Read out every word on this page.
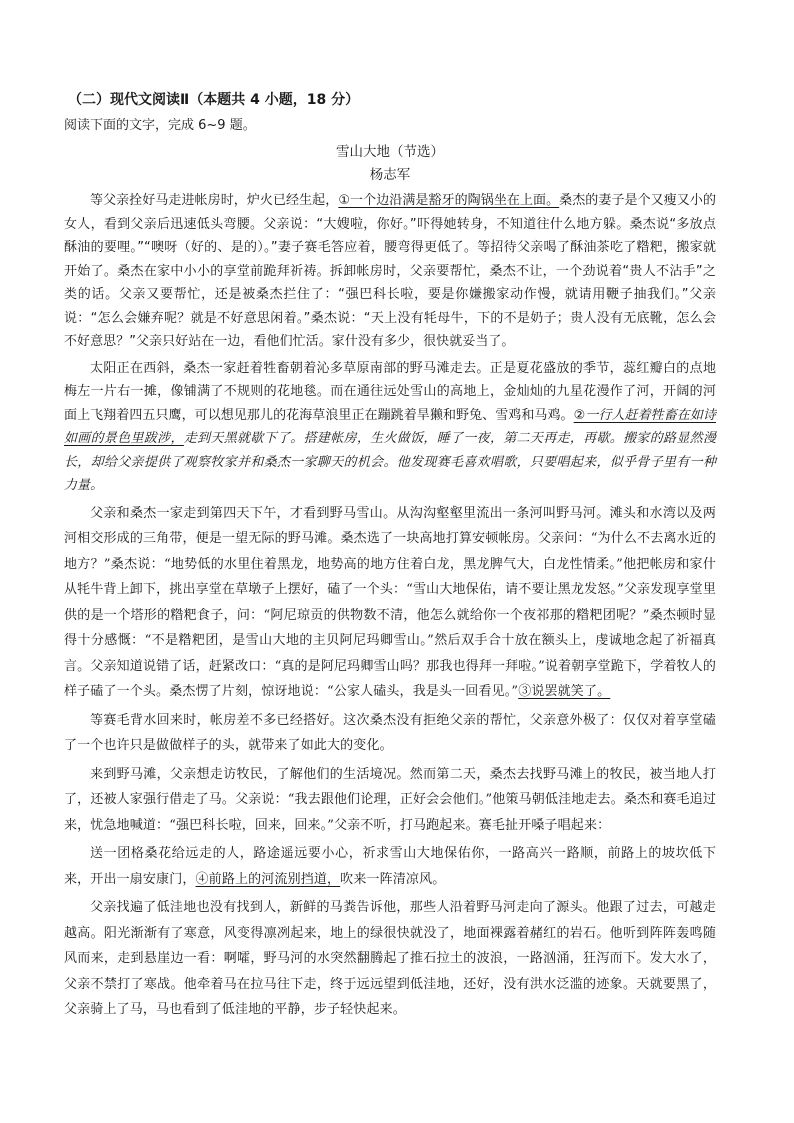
（二）现代文阅读Ⅱ（本题共 4 小题，18 分）
阅读下面的文字，完成 6~9 题。
雪山大地（节选）
杨志军

等父亲拴好马走进帐房时，炉火已经生起，①一个边沿满是豁牙的陶锅坐在上面。桑杰的妻子是个又瘦又小的女人，看到父亲后迅速低头弯腰。父亲说：“大嫂啦，你好。”吓得她转身，不知道往什么地方躲。桑杰说“多放点酥油的要哩。”“噢呀（好的、是的）。”妻子赛毛答应着，腰弯得更低了。等招待父亲喝了酥油茶吃了糌粑，搬家就开始了。桑杰在家中小小的享堂前跪拜祈祷。拆卸帐房时，父亲要帮忙，桑杰不让，一个劲说着“贵人不沾手”之类的话。父亲又要帮忙，还是被桑杰拦住了：“强巴科长啦，要是你嫌搬家动作慢，就请用鞭子抽我们。”父亲说：“怎么会嫌弃呢？就是不好意思闲着。”桑杰说：“天上没有牦母牛，下的不是奶子；贵人没有无底靴，怎么会不好意思？”父亲只好站在一边，看他们忙活。家什没有多少，很快就妥当了。

太阳正在西斜，桑杰一家赶着牲畜朝着沁多草原南部的野马滩走去。正是夏花盛放的季节，蕊红瓣白的点地梅左一片右一摊，像铺满了不规则的花地毯。而在通往远处雪山的高地上，金灿灿的九星花漫作了河，开阔的河面上飞翔着四五只鹰，可以想见那儿的花海草浪里正在蹦跳着旱獭和野兔、雪鸡和马鸡。②一行人赶着牲畜在如诗如画的景色里跋涉，走到天黑就歇下了。搭建帐房，生火做饭，睡了一夜，第二天再走，再歇。搬家的路显然漫长，却给父亲提供了观察牧家并和桑杰一家聊天的机会。他发现赛毛喜欢唱歌，只要唱起来，似乎骨子里有一种力量。

父亲和桑杰一家走到第四天下午，才看到野马雪山。从沟沟壑壑里流出一条河叫野马河。滩头和水湾以及两河相交形成的三角带，便是一望无际的野马滩。桑杰选了一块高地打算安顿帐房。父亲问：“为什么不去离水近的地方？”桑杰说：“地势低的水里住着黑龙，地势高的地方住着白龙，黑龙脾气大，白龙性情柔。”他把帐房和家什从牦牛背上卸下，挑出享堂在草墩子上摆好，磕了一个头：“雪山大地保佑，请不要让黑龙发怒。”父亲发现享堂里供的是一个塔形的糌粑食子，问：“阿尼琼贡的供物数不清，他怎么就给你一个夜祁那的糌粑团呢？”桑杰顿时显得十分感慨：“不是糌粑团，是雪山大地的主贝阿尼玛卿雪山。”然后双手合十放在额头上，虔诚地念起了祈福真言。父亲知道说错了话，赶紧改口：“真的是阿尼玛卿雪山吗？那我也得拜一拜啦。”说着朝享堂跪下，学着牧人的样子磕了一个头。桑杰愣了片刻，惊讶地说：“公家人磕头，我是头一回看见。”③说罢就笑了。

等赛毛背水回来时，帐房差不多已经搭好。这次桑杰没有拒绝父亲的帮忙，父亲意外极了：仅仅对着享堂磕了一个也许只是做做样子的头，就带来了如此大的变化。

来到野马滩，父亲想走访牧民，了解他们的生活境况。然而第二天，桑杰去找野马滩上的牧民，被当地人打了，还被人家强行借走了马。父亲说：“我去跟他们论理，正好会会他们。”他策马朝低洼地走去。桑杰和赛毛追过来，忧急地喊道：“强巴科长啦，回来，回来。”父亲不听，打马跑起来。赛毛扯开嗓子唱起来：

送一团格桑花给远走的人，路途遥远要小心，祈求雪山大地保佑你，一路高兴一路顺，前路上的坡坎低下来，开出一扇安康门，④前路上的河流别挡道，吹来一阵清凉风。

父亲找遍了低洼地也没有找到人，新鲜的马粪告诉他，那些人沿着野马河走向了源头。他跟了过去，可越走越高。阳光渐渐有了寒意，风变得凛冽起来，地上的绿很快就没了，地面裸露着赭红的岩石。他听到阵阵轰鸣随风而来，走到悬崖边一看：啊嚯，野马河的水突然翻腾起了推石拉土的波浪，一路汹涌，狂泻而下。发大水了，父亲不禁打了寒战。他牵着马在拉马往下走，终于远远望到低洼地，还好，没有洪水泛滥的迹象。天就要黑了，父亲骑上了马，马也看到了低洼地的平静，步子轻快起来。
